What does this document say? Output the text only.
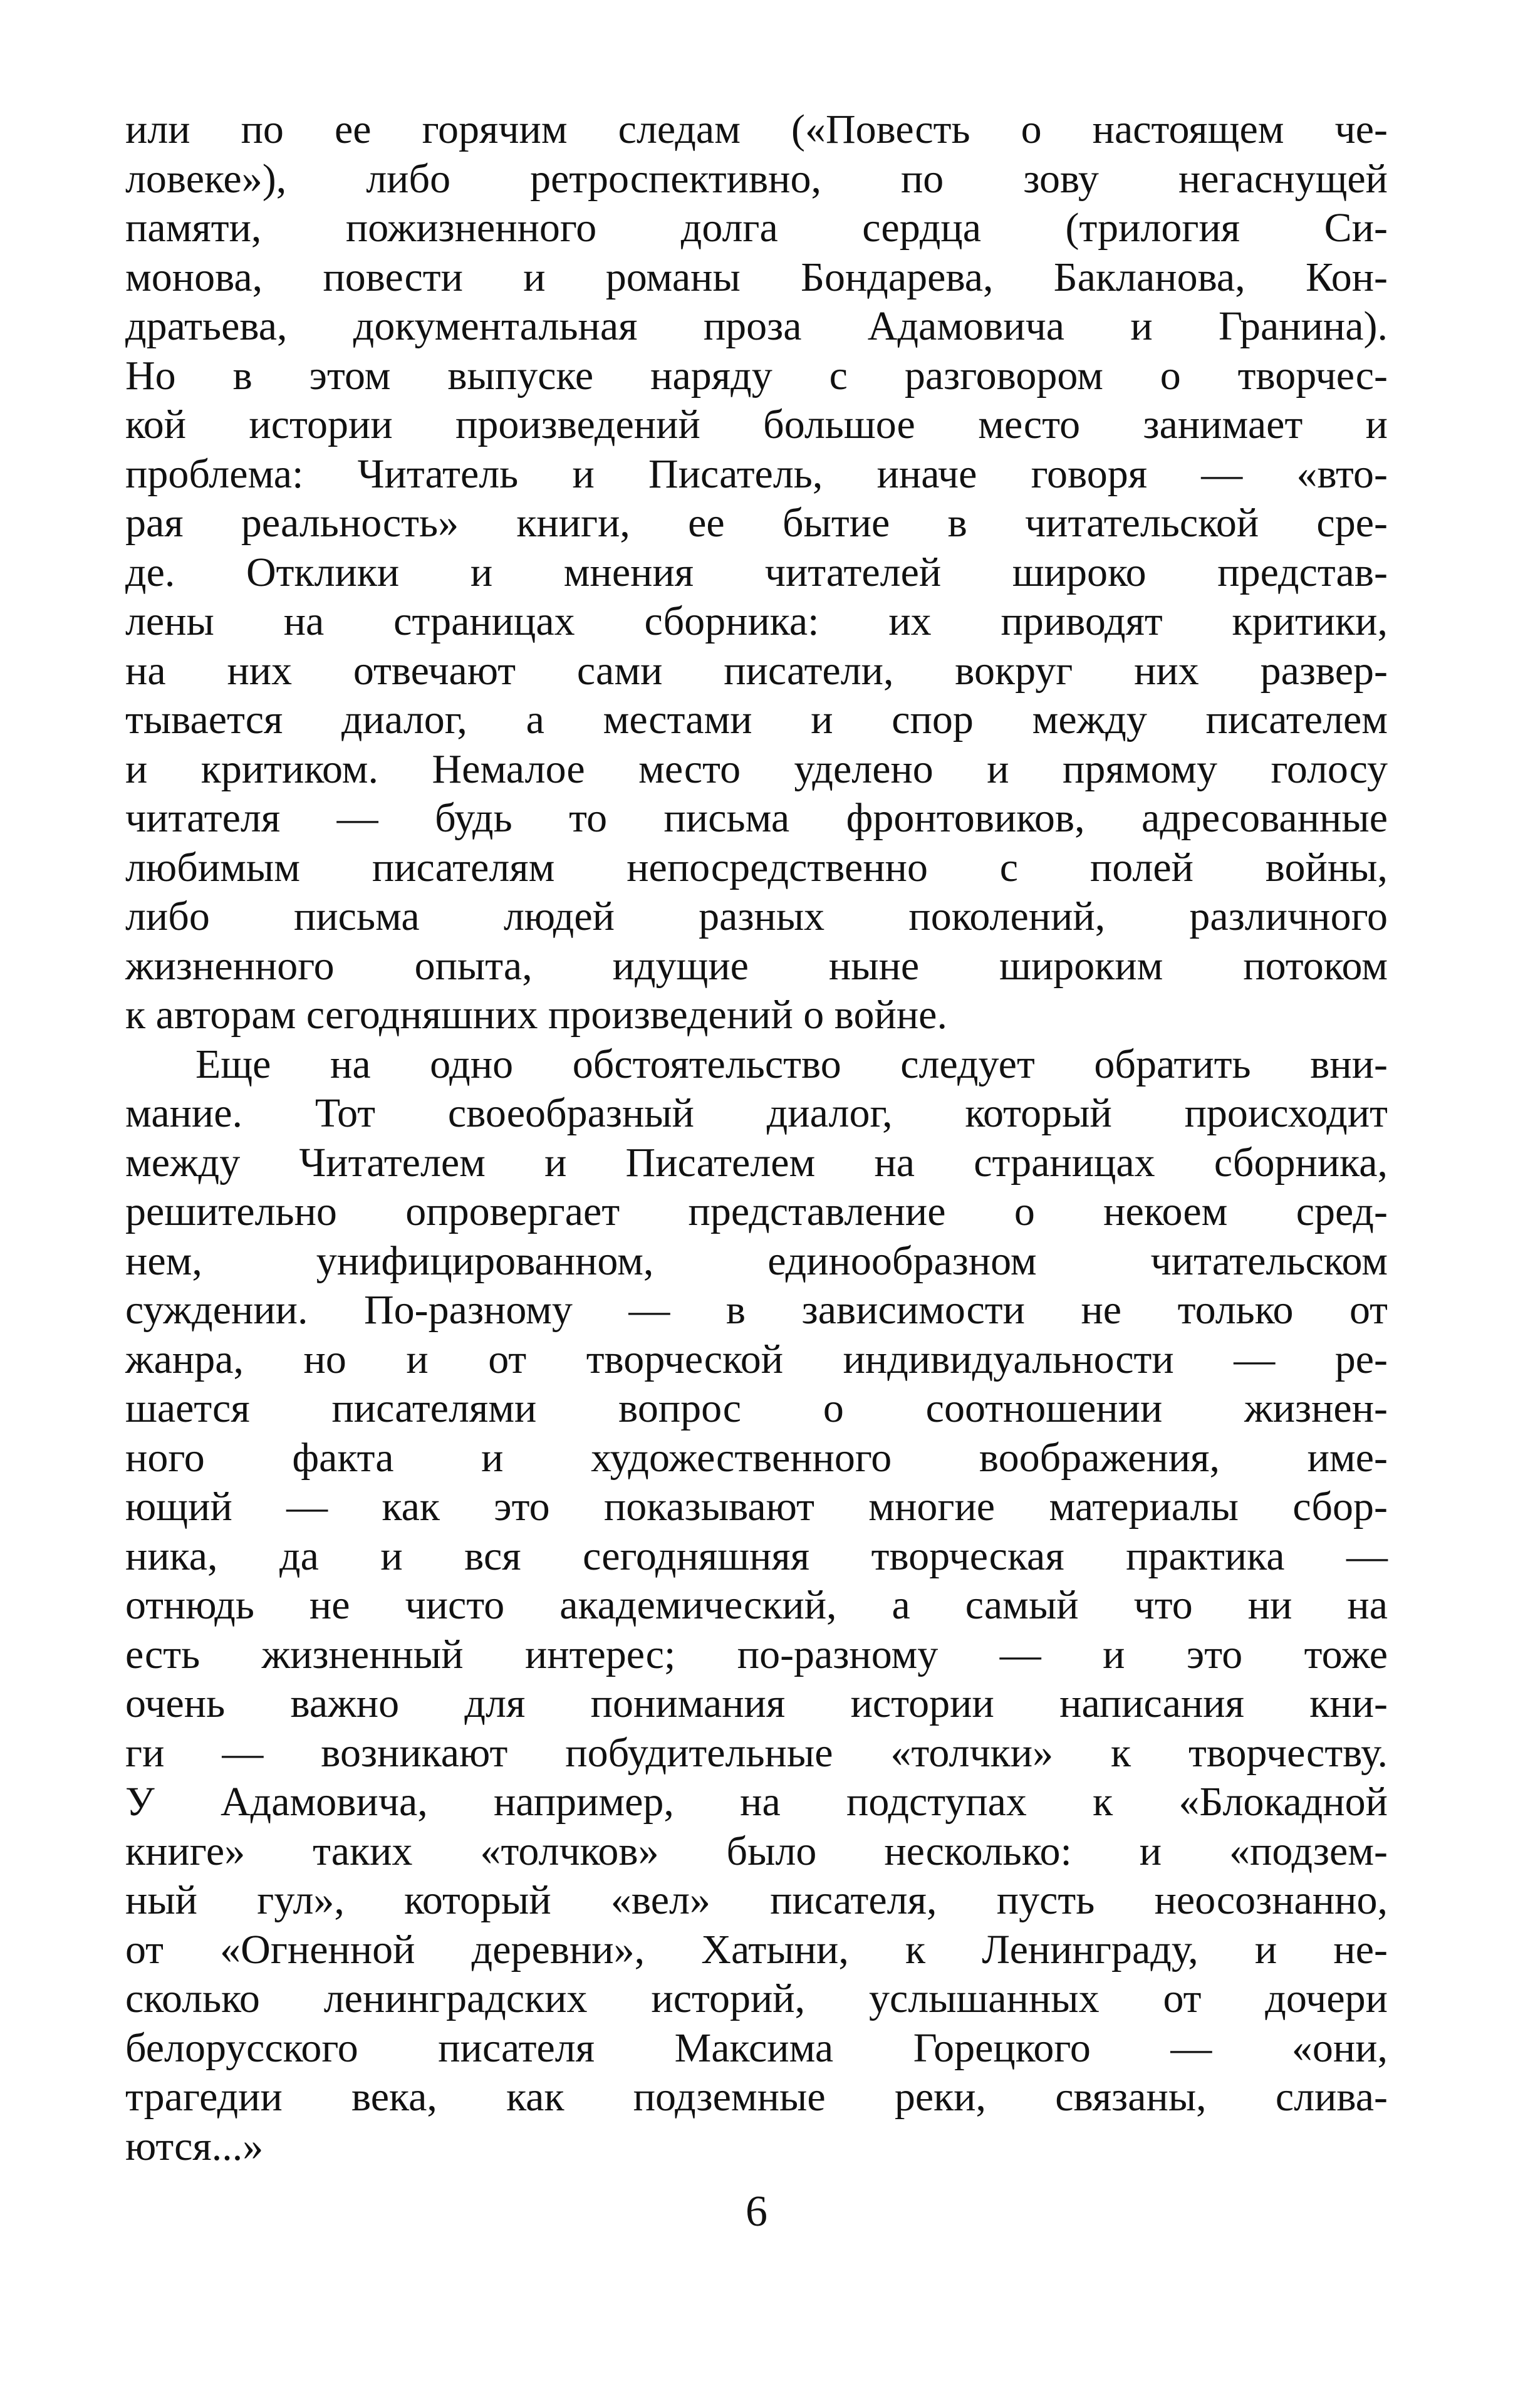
или по ее горячим следам («Повесть о настоящем че-
ловеке»), либо ретроспективно, по зову негаснущей
памяти, пожизненного долга сердца (трилогия Си-
монова, повести и романы Бондарева, Бакланова, Кон-
дратьева, документальная проза Адамовича и Гранина).
Но в этом выпуске наряду с разговором о творчес-
кой истории произведений большое место занимает и
проблема: Читатель и Писатель, иначе говоря — «вто-
рая реальность» книги, ее бытие в читательской сре-
де. Отклики и мнения читателей широко представ-
лены на страницах сборника: их приводят критики,
на них отвечают сами писатели, вокруг них развер-
тывается диалог, а местами и спор между писателем
и критиком. Немалое место уделено и прямому голосу
читателя — будь то письма фронтовиков, адресованные
любимым писателям непосредственно с полей войны,
либо письма людей разных поколений, различного
жизненного опыта, идущие ныне широким потоком
к авторам сегодняшних произведений о войне.
Еще на одно обстоятельство следует обратить вни-
мание. Тот своеобразный диалог, который происходит
между Читателем и Писателем на страницах сборника,
решительно опровергает представление о некоем сред-
нем, унифицированном, единообразном читательском
суждении. По-разному — в зависимости не только от
жанра, но и от творческой индивидуальности — ре-
шается писателями вопрос о соотношении жизнен-
ного факта и художественного воображения, име-
ющий — как это показывают многие материалы сбор-
ника, да и вся сегодняшняя творческая практика —
отнюдь не чисто академический, а самый что ни на
есть жизненный интерес; по-разному — и это тоже
очень важно для понимания истории написания кни-
ги — возникают побудительные «толчки» к творчеству.
У Адамовича, например, на подступах к «Блокадной
книге» таких «толчков» было несколько: и «подзем-
ный гул», который «вел» писателя, пусть неосознанно,
от «Огненной деревни», Хатыни, к Ленинграду, и не-
сколько ленинградских историй, услышанных от дочери
белорусского писателя Максима Горецкого — «они,
трагедии века, как подземные реки, связаны, слива-
ются...»
6
